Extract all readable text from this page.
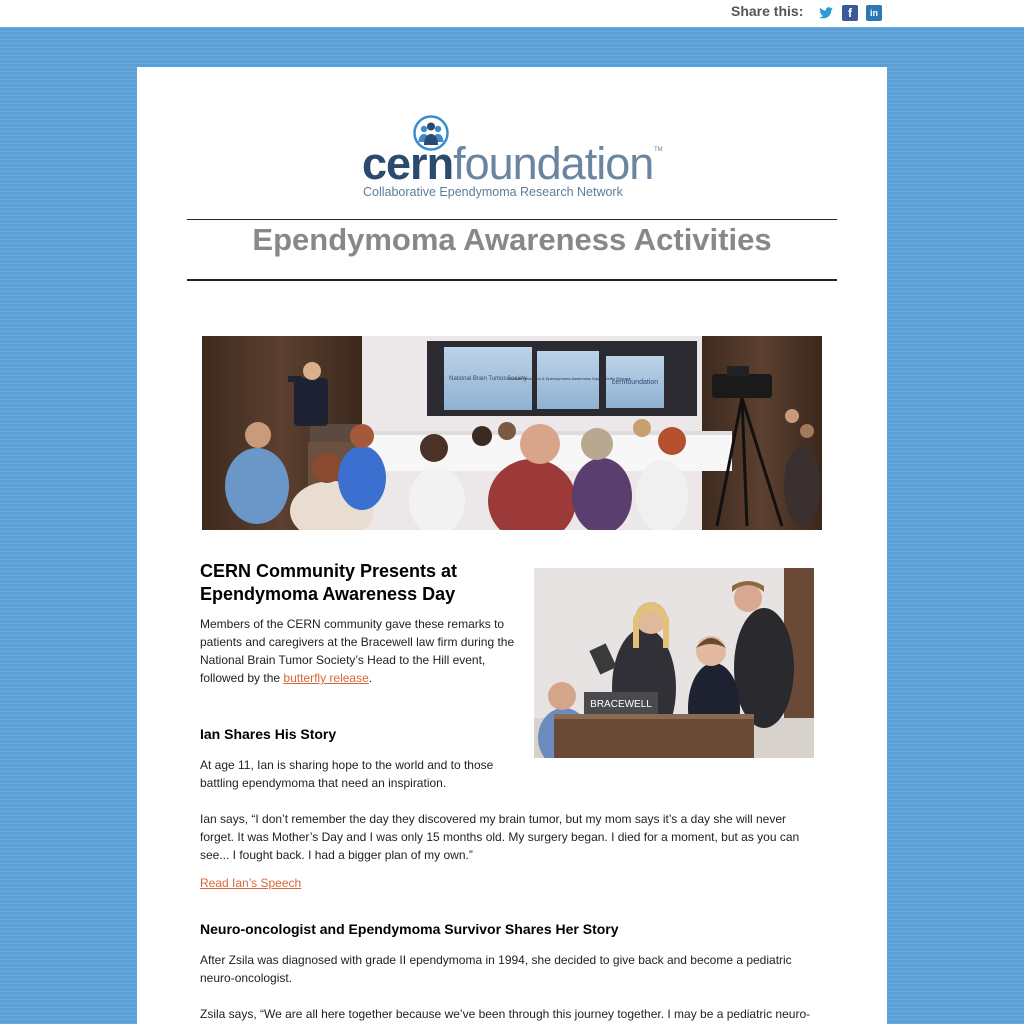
Share this:	f	in
cernfoundation TM
Collaborative Ependymoma Research Network
Ependymoma Awareness Activities
National Brain Tumor Society
Welcome Reception & Ependymoma Awareness Day Butterfly Release
cernfoundation
CERN Community Presents at
Ependymoma Awareness Day
Members of the CERN community gave these remarks to
patients and caregivers at the Bracewell law firm during the
National Brain Tumor Society’s Head to the Hill event,
followed by the butterfly release.
BRACEWELL
Ian Shares His Story
At age 11, Ian is sharing hope to the world and to those
battling ependymoma that need an inspiration.
Ian says, “I don’t remember the day they discovered my brain tumor, but my mom says it’s a day she will never
forget. It was Mother’s Day and I was only 15 months old. My surgery began. I died for a moment, but as you can
see... I fought back. I had a bigger plan of my own.”
Read Ian’s Speech
Neuro-oncologist and Ependymoma Survivor Shares Her Story
After Zsila was diagnosed with grade II ependymoma in 1994, she decided to give back and become a pediatric
neuro-oncologist.
Zsila says, “We are all here together because we’ve been through this journey together. I may be a pediatric neuro-
